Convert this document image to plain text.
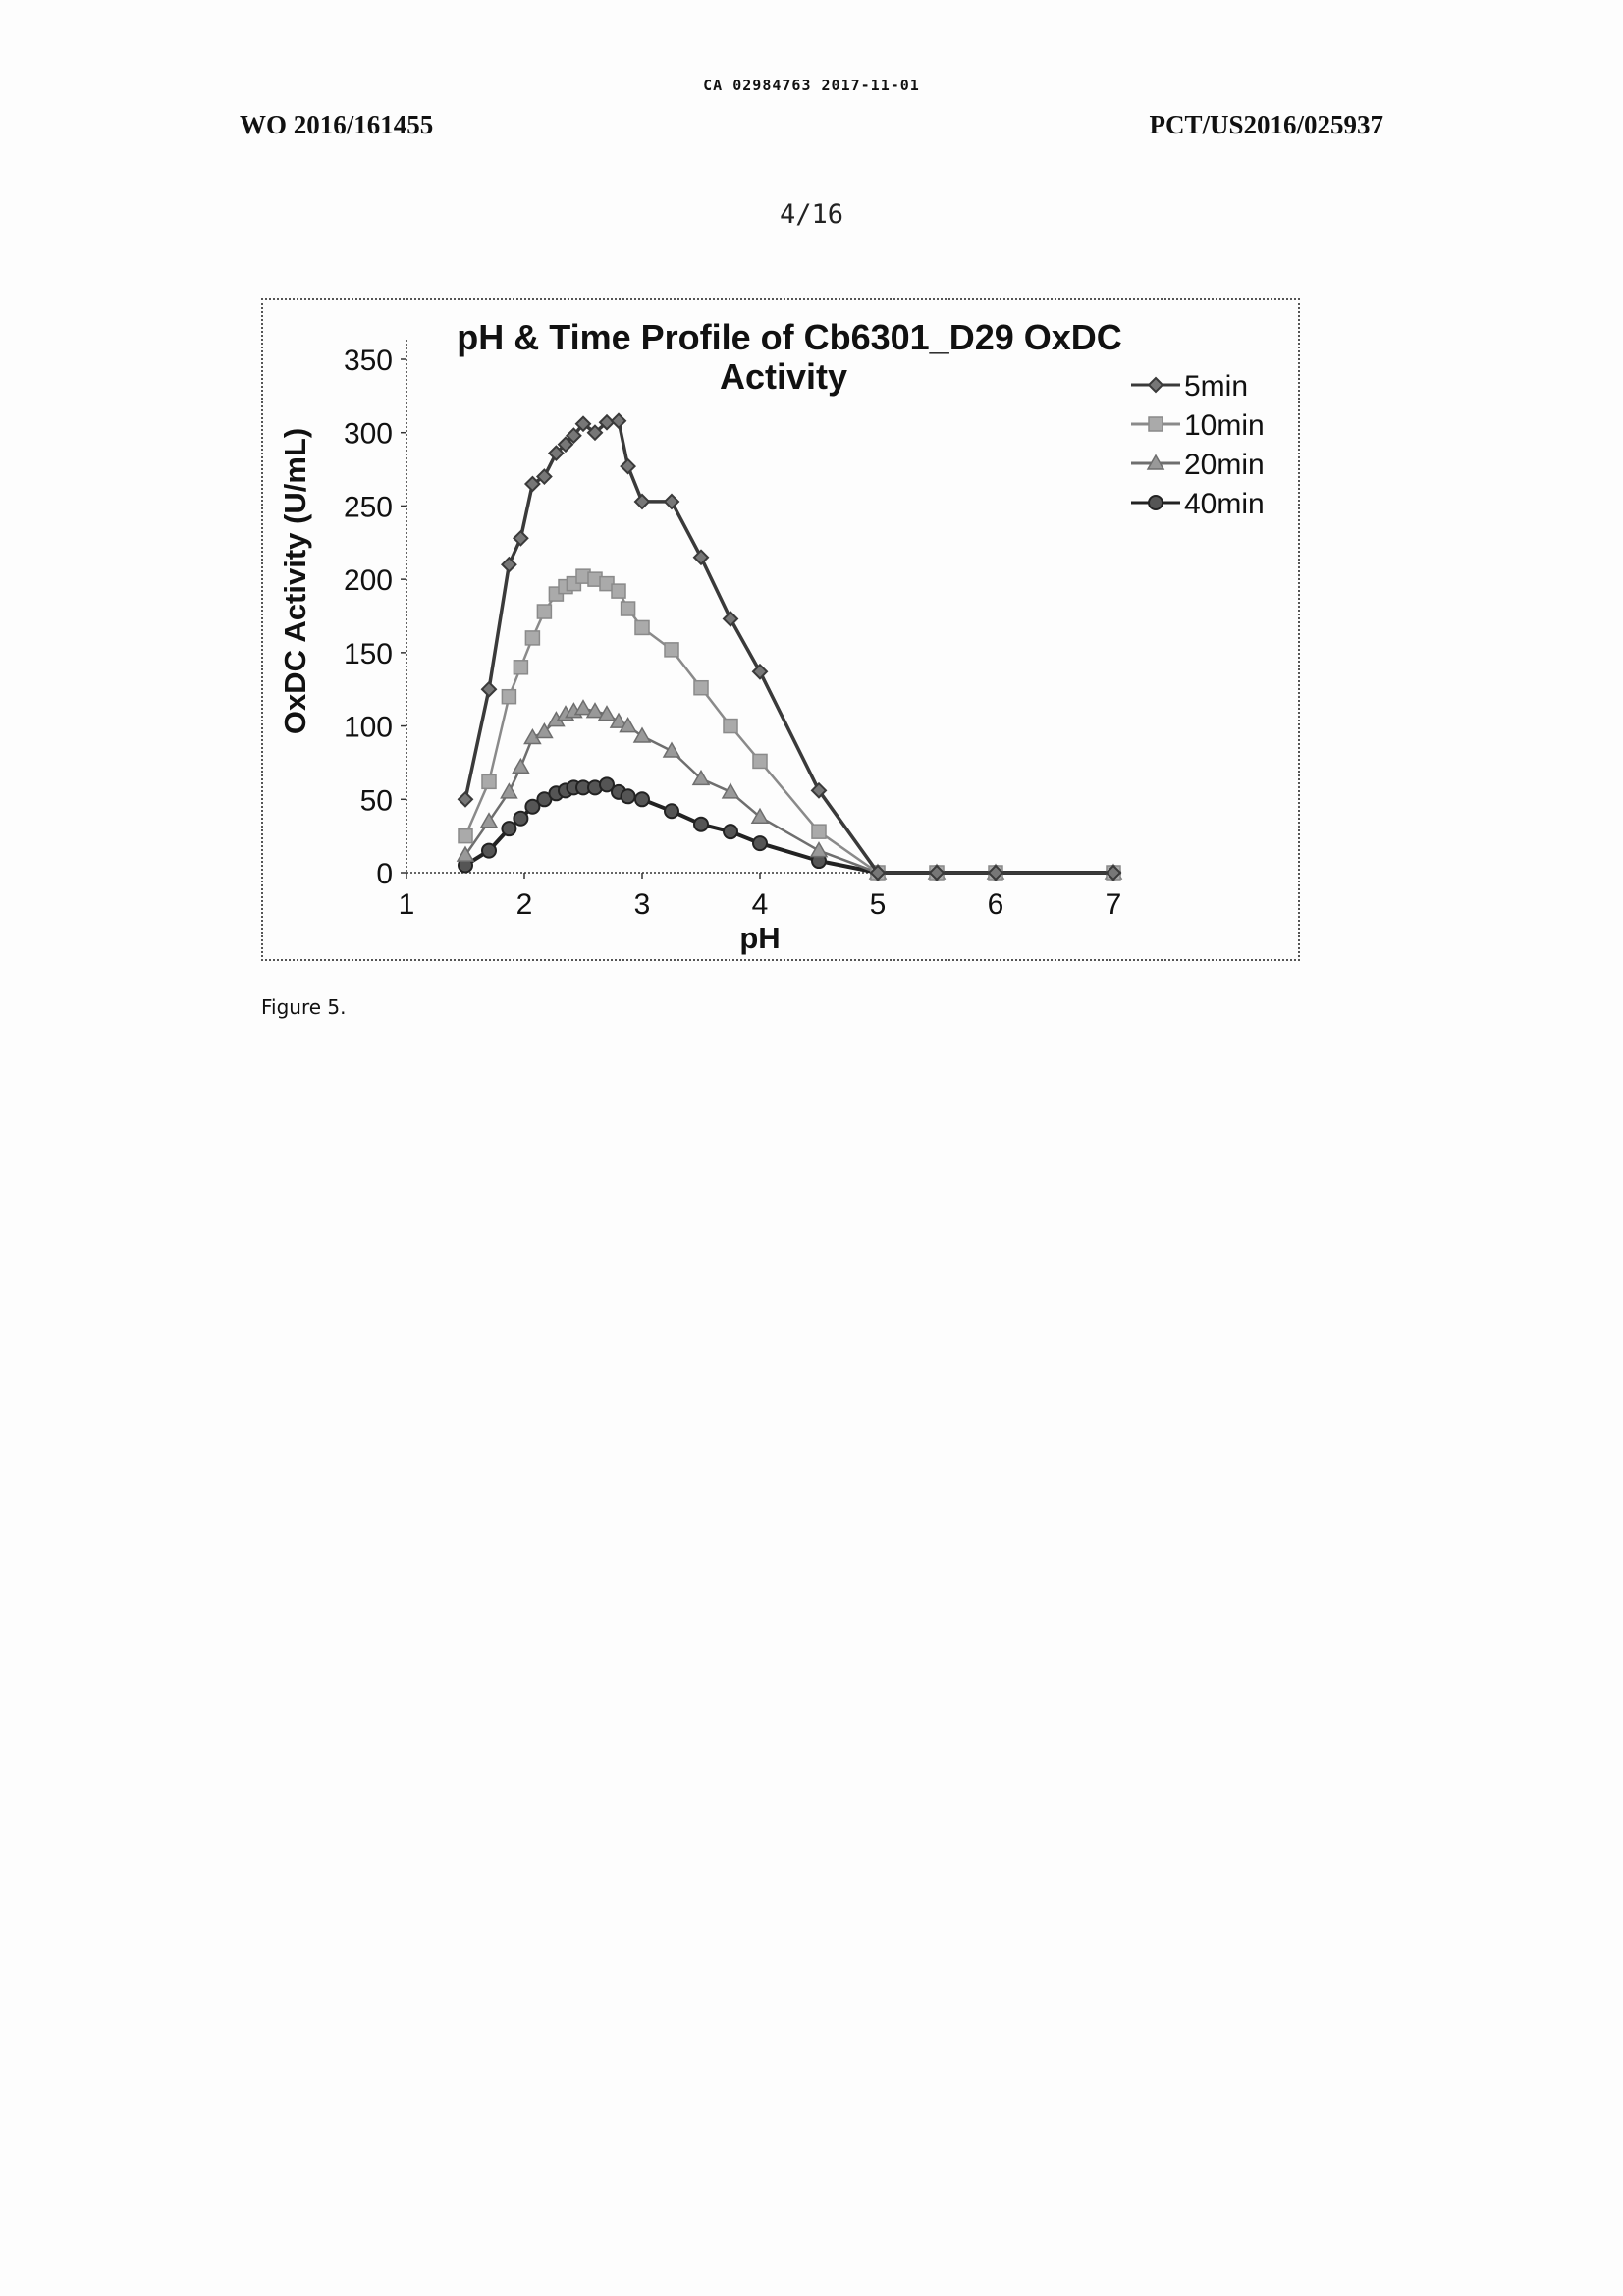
CA 02984763 2017-11-01
WO 2016/161455	PCT/US2016/025937
4/16
pH & Time Profile of Cb6301_D29 OxDC
Activity
OxDC Activity (U/mL)
pH
0
50
100
150
200
250
300
350
1	2	3	4	5	6	7
5min
10min
20min
40min
Figure 5.
